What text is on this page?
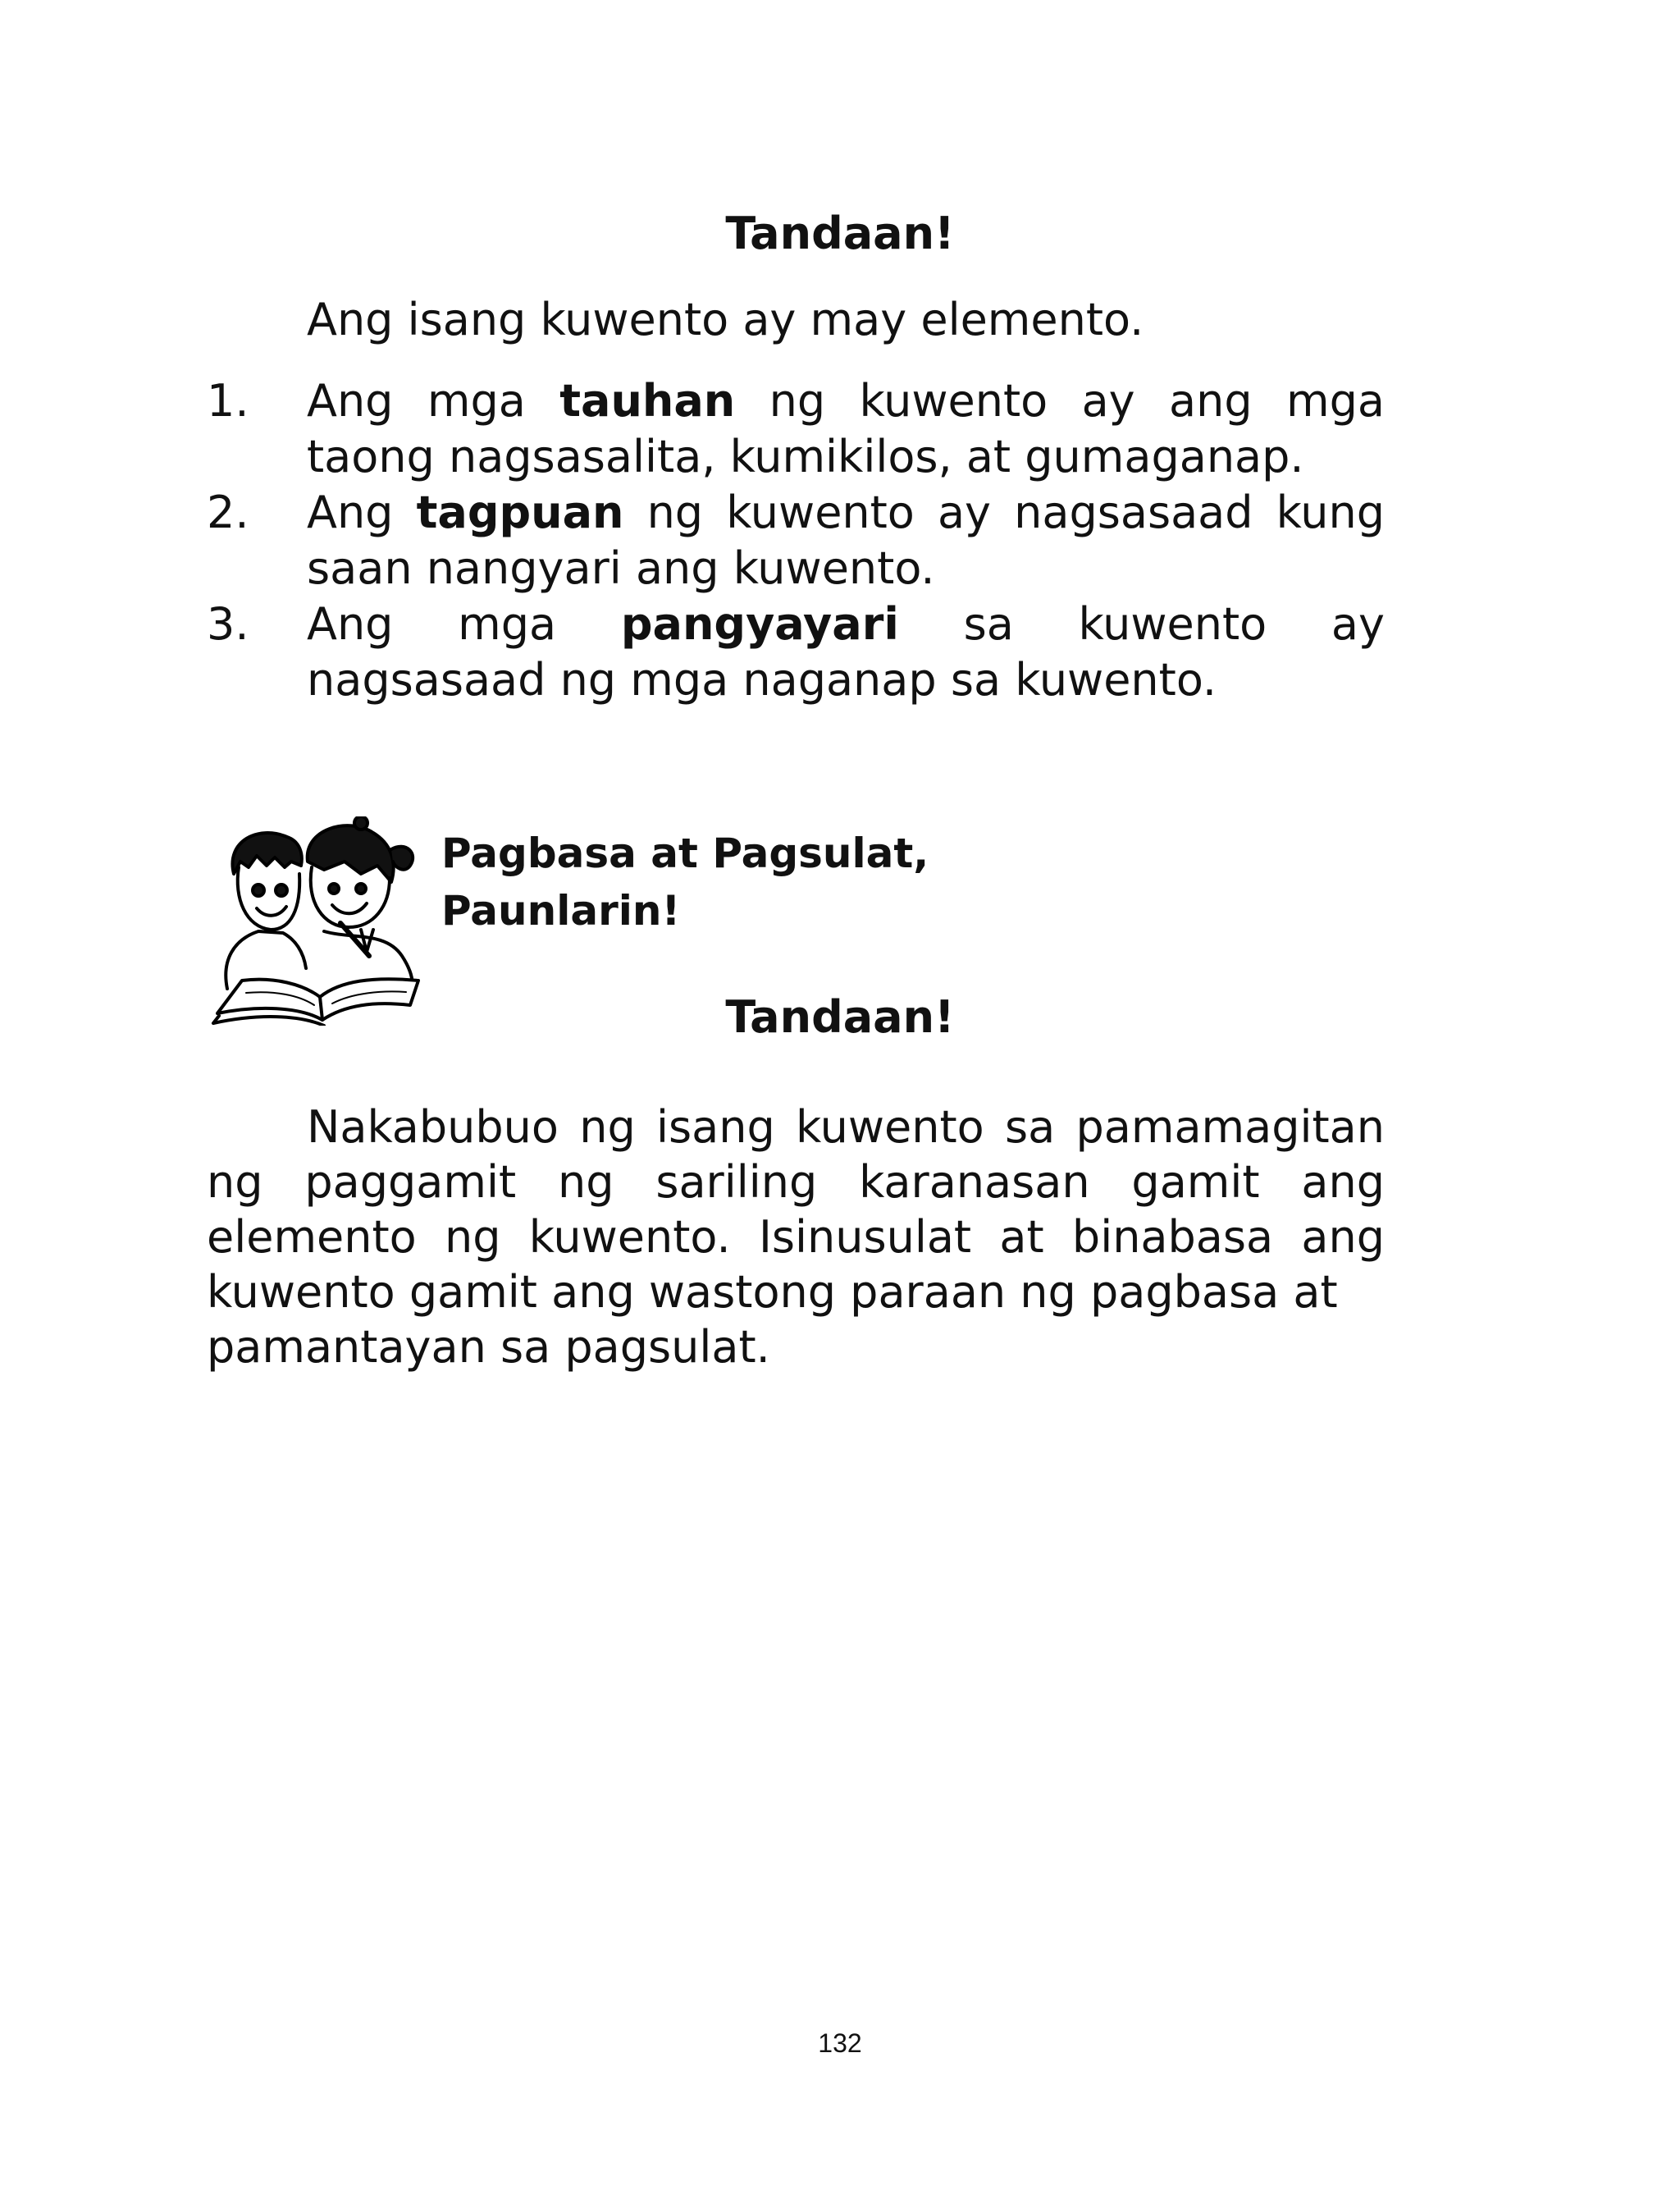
Tandaan!
Ang isang kuwento ay may elemento.
1. Ang mga tauhan ng kuwento ay ang mga taong nagsasalita, kumikilos, at gumaganap.
2. Ang tagpuan ng kuwento ay nagsasaad kung saan nangyari ang kuwento.
3. Ang mga pangyayari sa kuwento ay nagsasaad ng mga naganap sa kuwento.
Pagbasa at Pagsulat,
Paunlarin!
Tandaan!
Nakabubuo ng isang kuwento sa pamamagitan
ng paggamit ng sariling karanasan gamit ang
elemento ng kuwento. Isinusulat at binabasa ang
kuwento gamit ang wastong paraan ng pagbasa at
pamantayan sa pagsulat.
132
